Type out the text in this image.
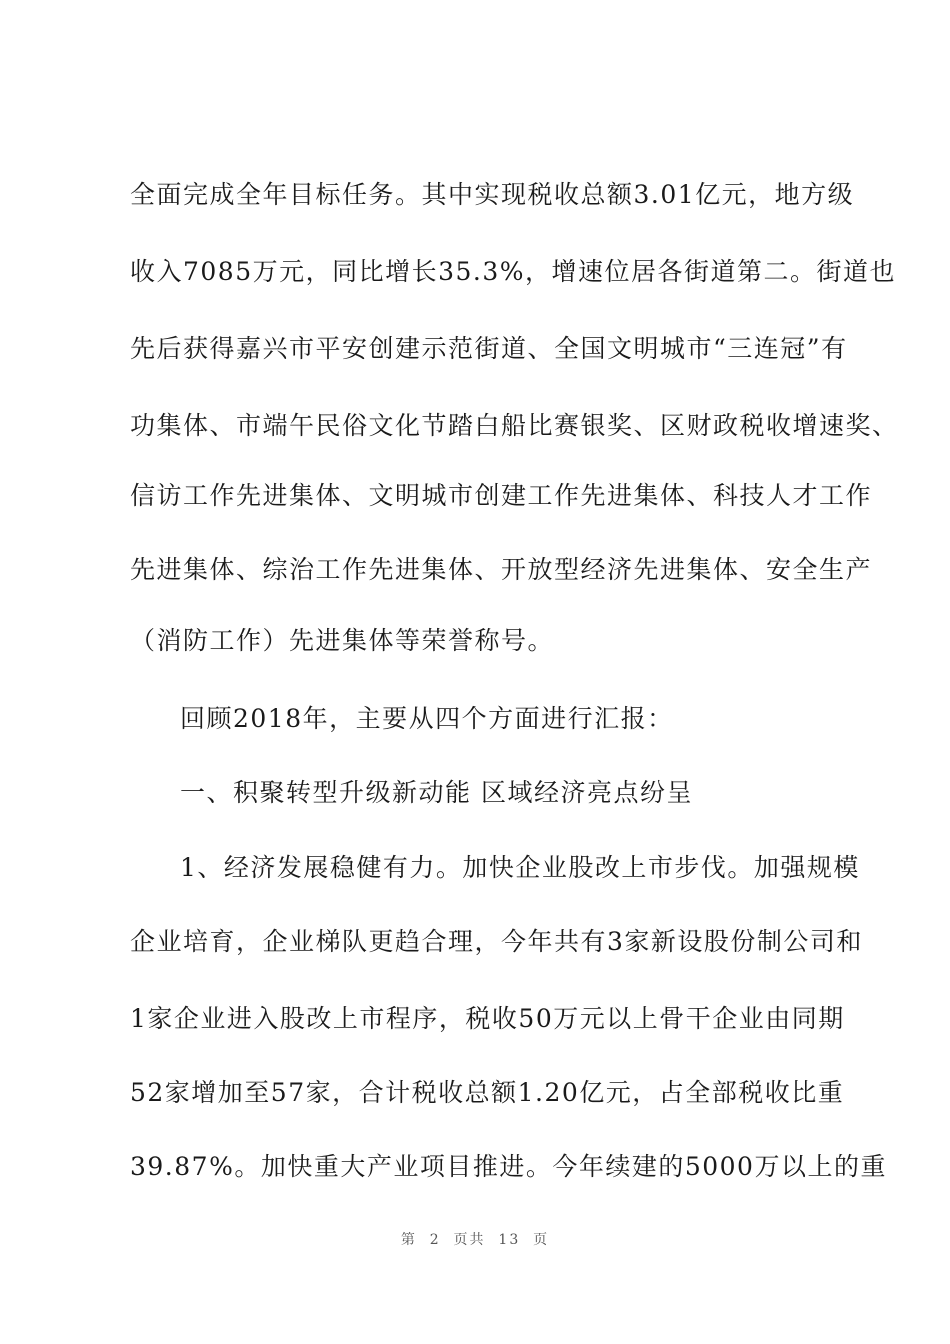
全面完成全年目标任务。其中实现税收总额3.01亿元，地方级
收入7085万元，同比增长35.3%，增速位居各街道第二。街道也
先后获得嘉兴市平安创建示范街道、全国文明城市“三连冠”有
功集体、市端午民俗文化节踏白船比赛银奖、区财政税收增速奖、
信访工作先进集体、文明城市创建工作先进集体、科技人才工作
先进集体、综治工作先进集体、开放型经济先进集体、安全生产
（消防工作）先进集体等荣誉称号。
回顾2018年，主要从四个方面进行汇报：
一、积聚转型升级新动能 区域经济亮点纷呈
1、经济发展稳健有力。加快企业股改上市步伐。加强规模
企业培育，企业梯队更趋合理，今年共有3家新设股份制公司和
1家企业进入股改上市程序，税收50万元以上骨干企业由同期
52家增加至57家，合计税收总额1.20亿元，占全部税收比重
39.87%。加快重大产业项目推进。今年续建的5000万以上的重
第  2  页共  13  页
